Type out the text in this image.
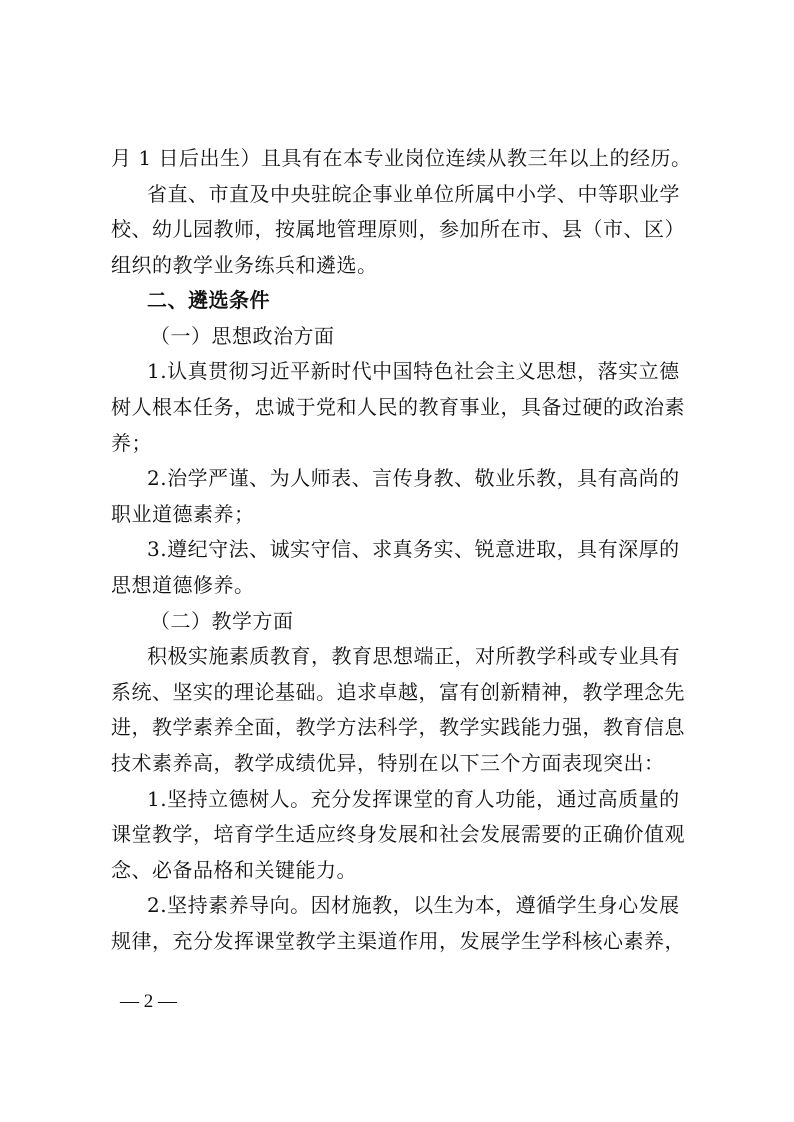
月 1 日后出生）且具有在本专业岗位连续从教三年以上的经历。
省直、市直及中央驻皖企事业单位所属中小学、中等职业学
校、幼儿园教师，按属地管理原则，参加所在市、县（市、区）
组织的教学业务练兵和遴选。
二、遴选条件
（一）思想政治方面
1.认真贯彻习近平新时代中国特色社会主义思想，落实立德
树人根本任务，忠诚于党和人民的教育事业，具备过硬的政治素
养；
2.治学严谨、为人师表、言传身教、敬业乐教，具有高尚的
职业道德素养；
3.遵纪守法、诚实守信、求真务实、锐意进取，具有深厚的
思想道德修养。
（二）教学方面
积极实施素质教育，教育思想端正，对所教学科或专业具有
系统、坚实的理论基础。追求卓越，富有创新精神，教学理念先
进，教学素养全面，教学方法科学，教学实践能力强，教育信息
技术素养高，教学成绩优异，特别在以下三个方面表现突出：
1.坚持立德树人。充分发挥课堂的育人功能，通过高质量的
课堂教学，培育学生适应终身发展和社会发展需要的正确价值观
念、必备品格和关键能力。
2.坚持素养导向。因材施教，以生为本，遵循学生身心发展
规律，充分发挥课堂教学主渠道作用，发展学生学科核心素养，
— 2 —
